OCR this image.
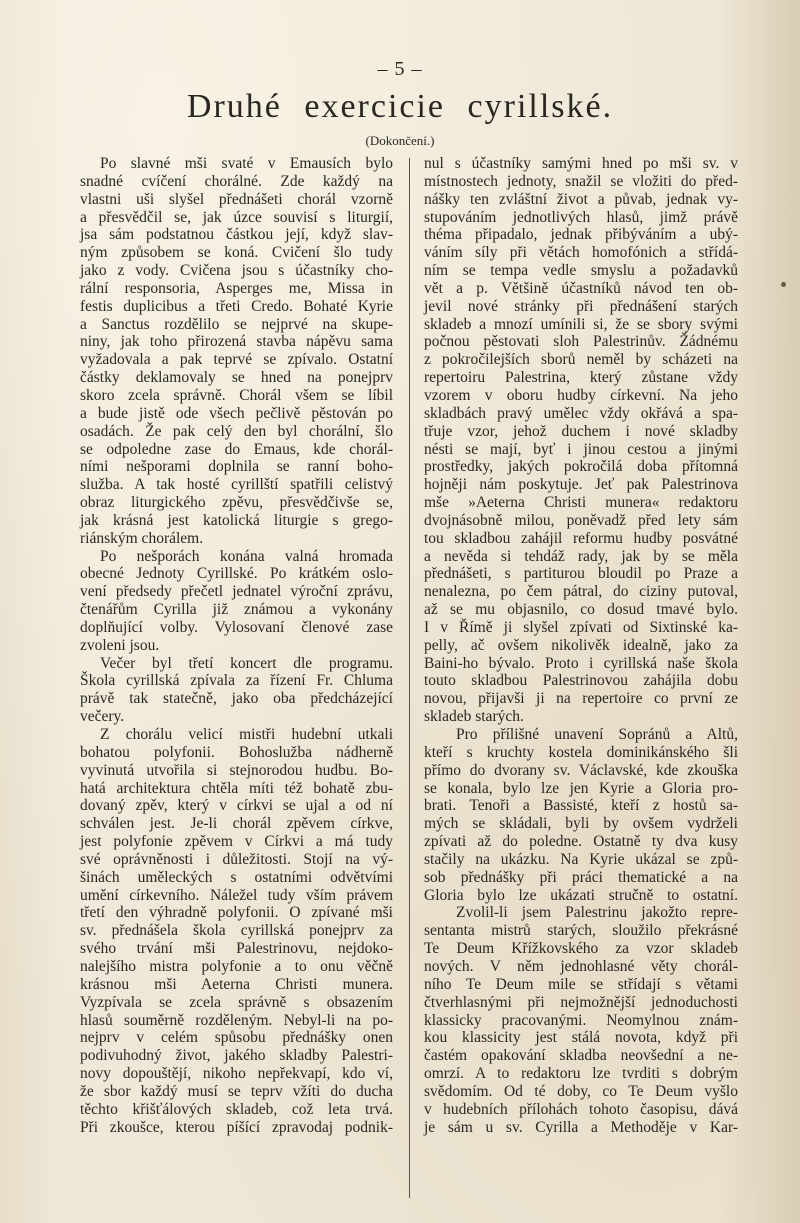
– 5 –
Druhé exercicie cyrillské.
(Dokončení.)
Po slavné mši svaté v Emausích bylo
snadné cvíčení chorálné. Zde každý na
vlastni uši slyšel přednášeti chorál vzorně
a přesvědčil se, jak úzce souvisí s liturgií,
jsa sám podstatnou částkou její, když slav-
ným způsobem se koná. Cvičení šlo tudy
jako z vody. Cvičena jsou s účastníky cho-
rální responsoria, Asperges me, Missa in
festis duplicibus a třeti Credo. Bohaté Kyrie
a Sanctus rozdělilo se nejprvé na skupe-
niny, jak toho přirozená stavba nápěvu sama
vyžadovala a pak teprvé se zpívalo. Ostatní
částky deklamovaly se hned na ponejprv
skoro zcela správně. Chorál všem se líbil
a bude jistě ode všech pečlivě pěstován po
osadách. Že pak celý den byl chorální, šlo
se odpoledne zase do Emaus, kde chorál-
ními nešporami doplnila se ranní boho-
služba. A tak hosté cyrillští spatřili celistvý
obraz liturgického zpěvu, přesvědčivše se,
jak krásná jest katolická liturgie s grego-
riánským chorálem.
Po nešporách konána valná hromada
obecné Jednoty Cyrillské. Po krátkém oslo-
vení předsedy přečetl jednatel výroční zprávu,
čtenářům Cyrilla již známou a vykonány
doplňující volby. Vylosovaní členové zase
zvoleni jsou.
Večer byl třetí koncert dle programu.
Škola cyrillská zpívala za řízení Fr. Chluma
právě tak statečně, jako oba předcházející
večery.
Z chorálu velicí mistři hudební utkali
bohatou polyfonii. Bohoslužba nádherně
vyvinutá utvořila si stejnorodou hudbu. Bo-
hatá architektura chtěla míti též bohatě zbu-
dovaný zpěv, který v církvi se ujal a od ní
schválen jest. Je-li chorál zpěvem církve,
jest polyfonie zpěvem v Církvi a má tudy
své oprávněnosti i důležitosti. Stojí na vý-
šinách uměleckých s ostatními odvětvími
umění církevního. Náležel tudy vším právem
třetí den výhradně polyfonii. O zpívané mši
sv. přednášela škola cyrillská ponejprv za
svého trvání mši Palestrinovu, nejdoko-
nalejšího mistra polyfonie a to onu věčně
krásnou mši Aeterna Christi munera.
Vyzpívala se zcela správně s obsazením
hlasů souměrně rozděleným. Nebyl-li na po-
nejprv v celém spůsobu přednášky onen
podivuhodný život, jakého skladby Palestri-
novy dopouštějí, nikoho nepřekvapí, kdo ví,
že sbor každý musí se teprv vžíti do ducha
těchto křišťálových skladeb, což leta trvá.
Při zkoušce, kterou píšící zpravodaj podnik-
nul s účastníky samými hned po mši sv. v
místnostech jednoty, snažil se vložiti do před-
nášky ten zvláštní život a půvab, jednak vy-
stupováním jednotlivých hlasů, jimž právě
théma připadalo, jednak přibýváním a ubý-
váním síly při větách homofónich a střídá-
ním se tempa vedle smyslu a požadavků
vět a p. Většině účastníků návod ten ob-
jevil nové stránky při přednášení starých
skladeb a mnozí umínili si, že se sbory svými
počnou pěstovati sloh Palestrinův. Žádnému
z pokročilejších sborů neměl by scházeti na
repertoiru Palestrina, který zůstane vždy
vzorem v oboru hudby církevní. Na jeho
skladbách pravý umělec vždy okřává a spa-
třuje vzor, jehož duchem i nové skladby
nésti se mají, byť i jinou cestou a jinými
prostředky, jakých pokročilá doba přítomná
hojněji nám poskytuje. Jeť pak Palestrinova
mše »Aeterna Christi munera« redaktoru
dvojnásobně milou, poněvadž před lety sám
tou skladbou zahájil reformu hudby posvátné
a nevěda si tehdáž rady, jak by se měla
přednášeti, s partiturou bloudil po Praze a
nenalezna, po čem pátral, do ciziny putoval,
až se mu objasnilo, co dosud tmavé bylo.
I v Římě ji slyšel zpívati od Sixtinské ka-
pelly, ač ovšem nikolivěk idealně, jako za
Baini-ho bývalo. Proto i cyrillská naše škola
touto skladbou Palestrinovou zahájila dobu
novou, přijavši ji na repertoire co první ze
skladeb starých.
Pro přílišné unavení Sopránů a Altů,
kteří s kruchty kostela dominikánského šli
přímo do dvorany sv. Václavské, kde zkouška
se konala, bylo lze jen Kyrie a Gloria pro-
brati. Tenoři a Bassisté, kteří z hostů sa-
mých se skládali, byli by ovšem vydrželi
zpívati až do poledne. Ostatně ty dva kusy
stačily na ukázku. Na Kyrie ukázal se způ-
sob přednášky při práci thematické a na
Gloria bylo lze ukázati stručně to ostatní.
Zvolil-li jsem Palestrinu jakožto repre-
sentanta mistrů starých, sloužilo překrásné
Te Deum Křížkovského za vzor skladeb
nových. V něm jednohlasné věty chorál-
ního Te Deum mile se střídají s větami
čtverhlasnými při nejmožnější jednoduchosti
klassicky pracovanými. Neomylnou znám-
kou klassicity jest stálá novota, když při
častém opakování skladba neovšední a ne-
omrzí. A to redaktoru lze tvrditi s dobrým
svědomím. Od té doby, co Te Deum vyšlo
v hudebních přílohách tohoto časopisu, dává
je sám u sv. Cyrilla a Methoděje v Kar-
